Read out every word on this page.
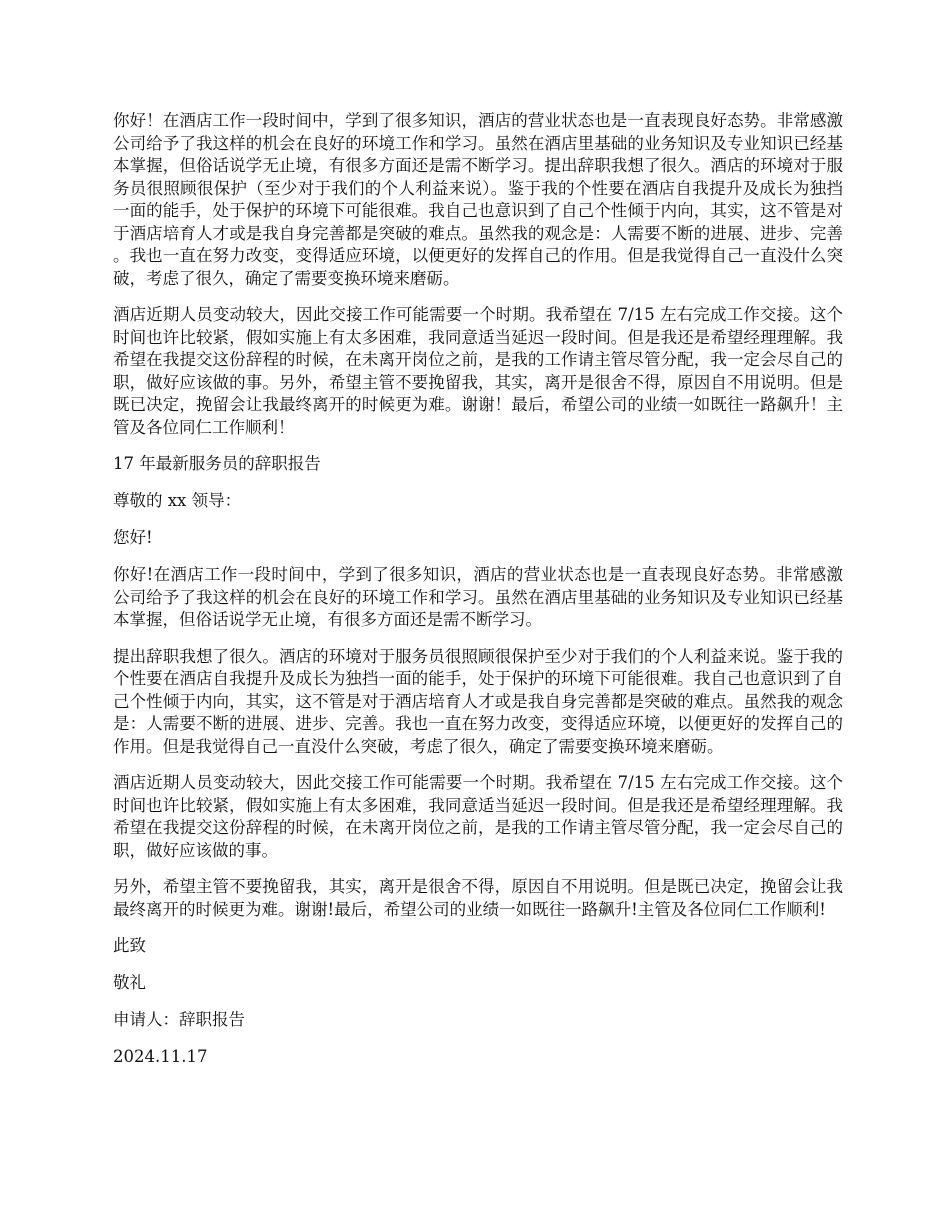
你好！在酒店工作一段时间中，学到了很多知识，酒店的营业状态也是一直表现良好态势。非常感激公司给予了我这样的机会在良好的环境工作和学习。虽然在酒店里基础的业务知识及专业知识已经基本掌握，但俗话说学无止境，有很多方面还是需不断学习。提出辞职我想了很久。酒店的环境对于服务员很照顾很保护（至少对于我们的个人利益来说）。鉴于我的个性要在酒店自我提升及成长为独挡一面的能手，处于保护的环境下可能很难。我自己也意识到了自己个性倾于内向，其实，这不管是对于酒店培育人才或是我自身完善都是突破的难点。虽然我的观念是：人需要不断的进展、进步、完善。我也一直在努力改变，变得适应环境，以便更好的发挥自己的作用。但是我觉得自己一直没什么突破，考虑了很久，确定了需要变换环境来磨砺。

酒店近期人员变动较大，因此交接工作可能需要一个时期。我希望在 7/15 左右完成工作交接。这个时间也许比较紧，假如实施上有太多困难，我同意适当延迟一段时间。但是我还是希望经理理解。我希望在我提交这份辞程的时候，在未离开岗位之前，是我的工作请主管尽管分配，我一定会尽自己的职，做好应该做的事。另外，希望主管不要挽留我，其实，离开是很舍不得，原因自不用说明。但是既已决定，挽留会让我最终离开的时候更为难。谢谢！最后，希望公司的业绩一如既往一路飙升！主管及各位同仁工作顺利！

17 年最新服务员的辞职报告

尊敬的 xx 领导：

您好!

你好!在酒店工作一段时间中，学到了很多知识，酒店的营业状态也是一直表现良好态势。非常感激公司给予了我这样的机会在良好的环境工作和学习。虽然在酒店里基础的业务知识及专业知识已经基本掌握，但俗话说学无止境，有很多方面还是需不断学习。

提出辞职我想了很久。酒店的环境对于服务员很照顾很保护至少对于我们的个人利益来说。鉴于我的个性要在酒店自我提升及成长为独挡一面的能手，处于保护的环境下可能很难。我自己也意识到了自己个性倾于内向，其实，这不管是对于酒店培育人才或是我自身完善都是突破的难点。虽然我的观念是：人需要不断的进展、进步、完善。我也一直在努力改变，变得适应环境，以便更好的发挥自己的作用。但是我觉得自己一直没什么突破，考虑了很久，确定了需要变换环境来磨砺。

酒店近期人员变动较大，因此交接工作可能需要一个时期。我希望在 7/15 左右完成工作交接。这个时间也许比较紧，假如实施上有太多困难，我同意适当延迟一段时间。但是我还是希望经理理解。我希望在我提交这份辞程的时候，在未离开岗位之前，是我的工作请主管尽管分配，我一定会尽自己的职，做好应该做的事。

另外，希望主管不要挽留我，其实，离开是很舍不得，原因自不用说明。但是既已决定，挽留会让我最终离开的时候更为难。谢谢!最后，希望公司的业绩一如既往一路飙升!主管及各位同仁工作顺利!

此致

敬礼

申请人：辞职报告

2024.11.17
